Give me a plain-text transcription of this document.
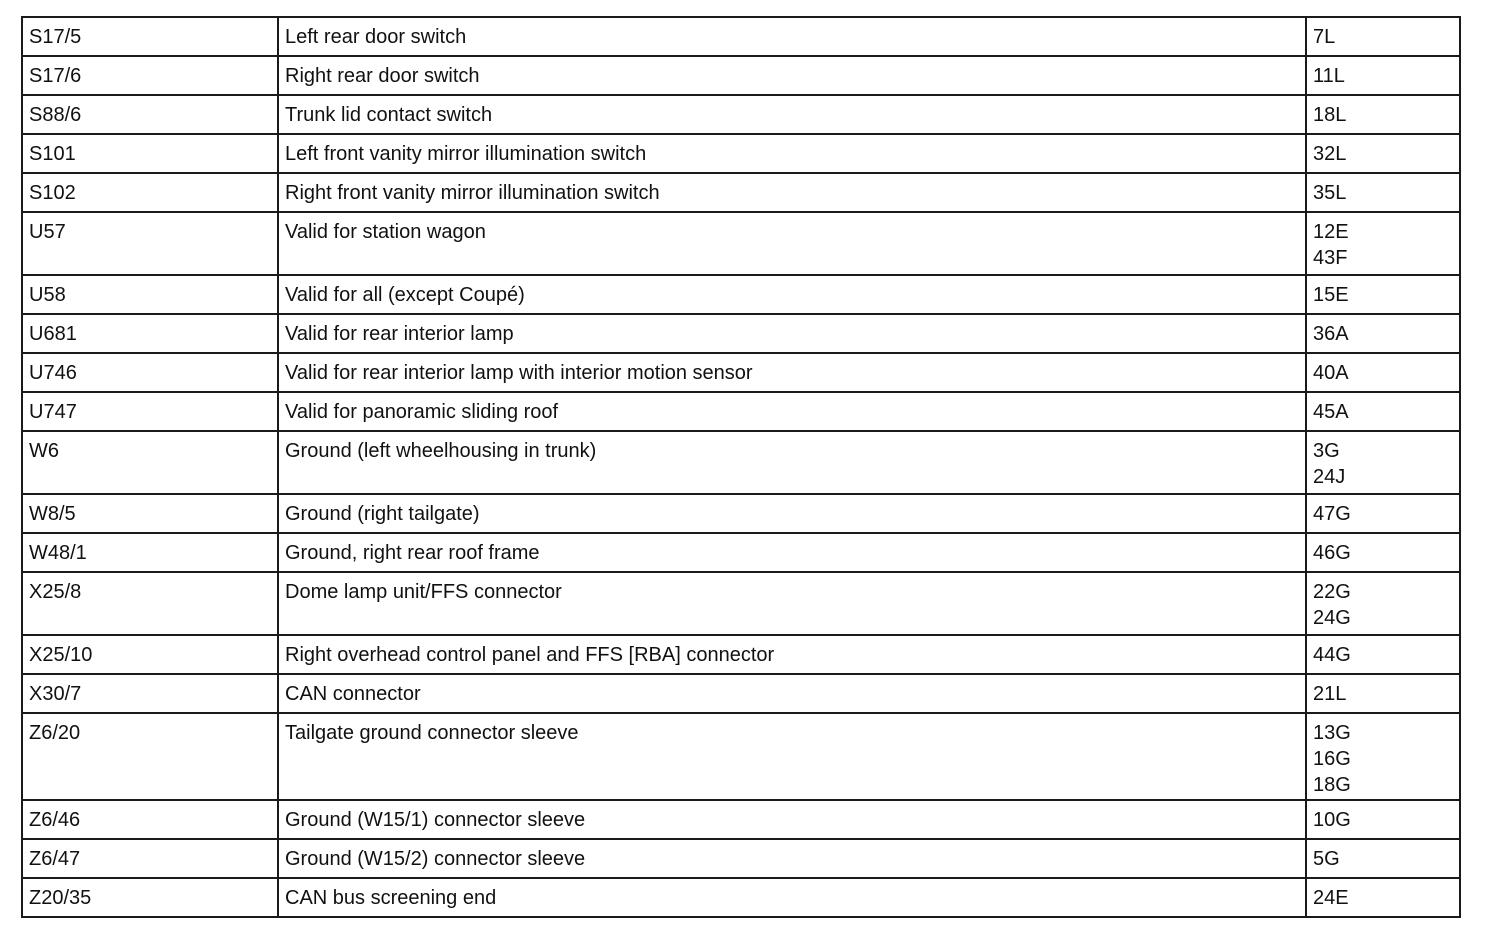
S17/5	Left rear door switch	7L

S17/6	Right rear door switch	11L

S88/6	Trunk lid contact switch	18L

S101	Left front vanity mirror illumination switch	32L

S102	Right front vanity mirror illumination switch	35L

U57	Valid for station wagon	12E
43F

U58	Valid for all (except Coupé)	15E

U681	Valid for rear interior lamp	36A

U746	Valid for rear interior lamp with interior motion sensor	40A

U747	Valid for panoramic sliding roof	45A

W6	Ground (left wheelhousing in trunk)	3G
24J

W8/5	Ground (right tailgate)	47G

W48/1	Ground, right rear roof frame	46G

X25/8	Dome lamp unit/FFS connector	22G
24G

X25/10	Right overhead control panel and FFS [RBA] connector	44G

X30/7	CAN connector	21L

Z6/20	Tailgate ground connector sleeve	13G
16G
18G

Z6/46	Ground (W15/1) connector sleeve	10G

Z6/47	Ground (W15/2) connector sleeve	5G

Z20/35	CAN bus screening end	24E
